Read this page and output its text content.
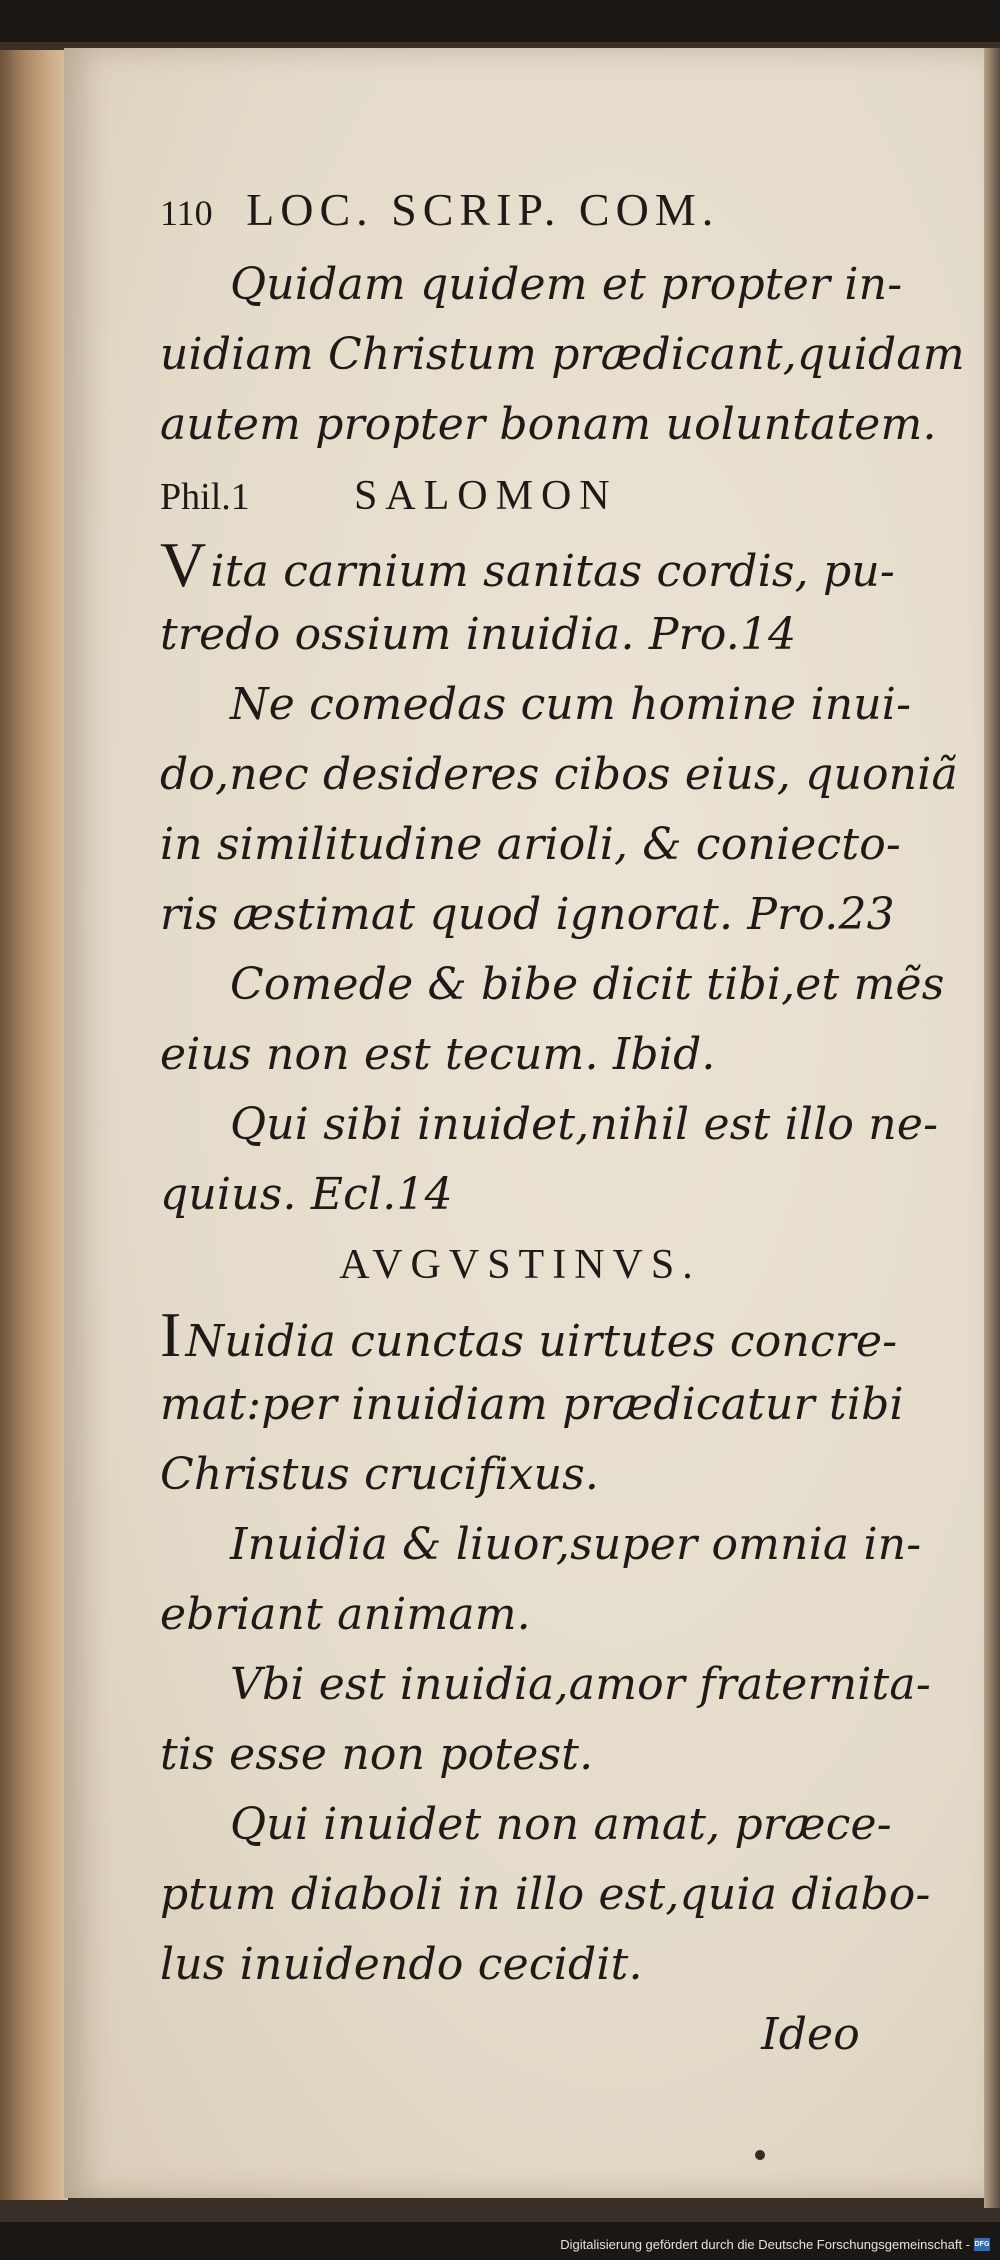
110 LOC. SCRIP. COM.
Quidam quidem et propter in-
uidiam Christum prædicant,quidam
autem propter bonam uoluntatem.
Phil.1 SALOMON
Vita carnium sanitas cordis, pu-
tredo ossium inuidia. Pro.14
Ne comedas cum homine inui-
do,nec desideres cibos eius, quoniã
in similitudine arioli, & coniecto-
ris æstimat quod ignorat. Pro.23
Comede & bibe dicit tibi,et mẽs
eius non est tecum. Ibid.
Qui sibi inuidet,nihil est illo ne-
quius. Ecl.14
AVGVSTINVS.
INuidia cunctas uirtutes concre-
mat:per inuidiam prædicatur tibi
Christus crucifixus.
Inuidia & liuor,super omnia in-
ebriant animam.
Vbi est inuidia,amor fraternita-
tis esse non potest.
Qui inuidet non amat, præce-
ptum diaboli in illo est,quia diabo-
lus inuidendo cecidit.
Ideo
Digitalisierung gefördert durch die Deutsche Forschungsgemeinschaft - DFG
